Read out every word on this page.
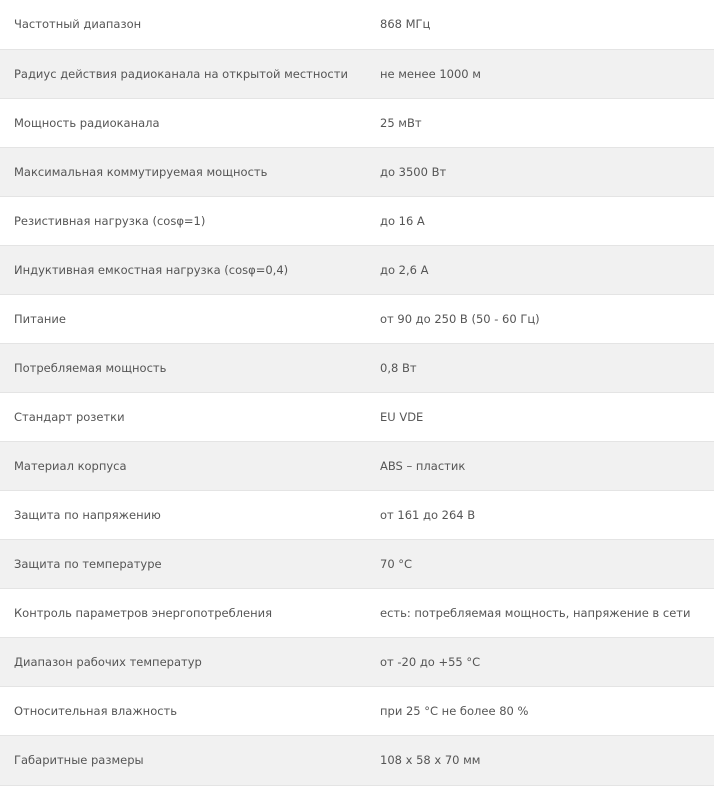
Частотный диапазон	868 МГц
Радиус действия радиоканала на открытой местности	не менее 1000 м
Мощность радиоканала	25 мВт
Максимальная коммутируемая мощность	до 3500 Вт
Резистивная нагрузка (cosφ=1)	до 16 А
Индуктивная емкостная нагрузка (cosφ=0,4)	до 2,6 А
Питание	от 90 до 250 В (50 - 60 Гц)
Потребляемая мощность	0,8 Вт
Стандарт розетки	EU VDE
Материал корпуса	ABS – пластик
Защита по напряжению	от 161 до 264 В
Защита по температуре	70 °C
Контроль параметров энергопотребления	есть: потребляемая мощность, напряжение в сети
Диапазон рабочих температур	от -20 до +55 °C
Относительная влажность	при 25 °C не более 80 %
Габаритные размеры	108 х 58 х 70 мм
